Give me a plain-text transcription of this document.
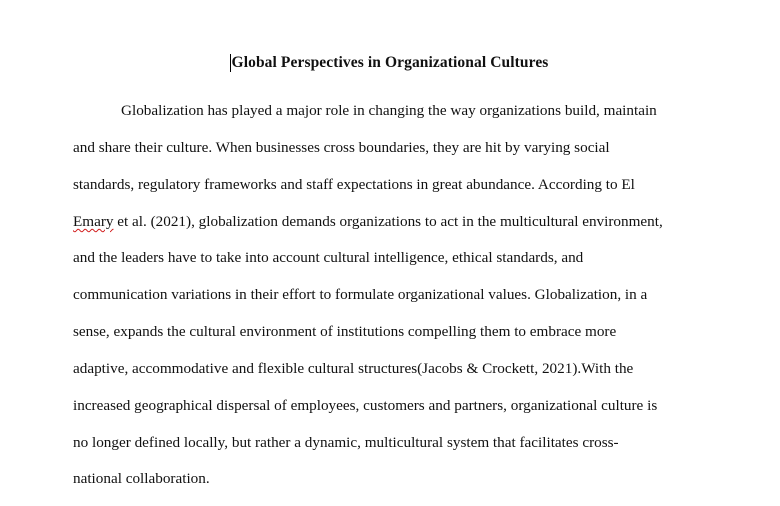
Global Perspectives in Organizational Cultures
Globalization has played a major role in changing the way organizations build, maintain
and share their culture. When businesses cross boundaries, they are hit by varying social
standards, regulatory frameworks and staff expectations in great abundance. According to El
Emary et al. (2021), globalization demands organizations to act in the multicultural environment,
and the leaders have to take into account cultural intelligence, ethical standards, and
communication variations in their effort to formulate organizational values. Globalization, in a
sense, expands the cultural environment of institutions compelling them to embrace more
adaptive, accommodative and flexible cultural structures(Jacobs & Crockett, 2021).With the
increased geographical dispersal of employees, customers and partners, organizational culture is
no longer defined locally, but rather a dynamic, multicultural system that facilitates cross-
national collaboration.
